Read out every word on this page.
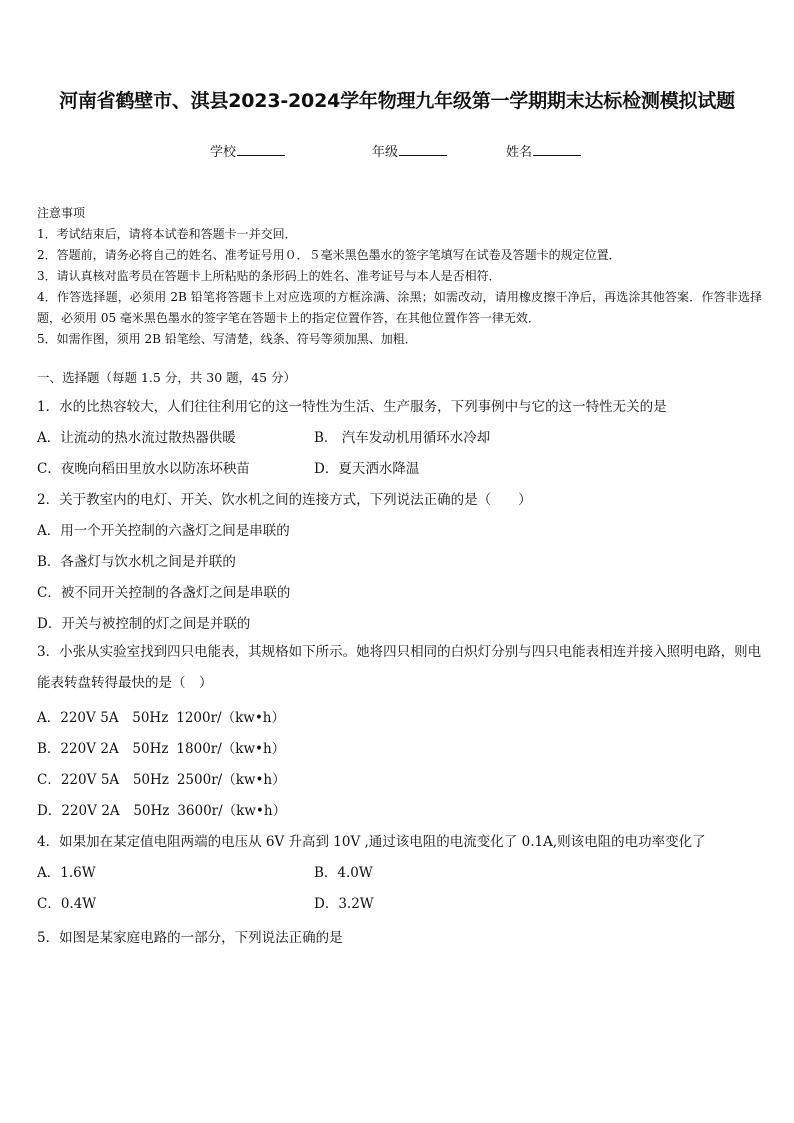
河南省鹤壁市、淇县2023-2024学年物理九年级第一学期期末达标检测模拟试题
学校	年级	姓名
注意事项
1．考试结束后，请将本试卷和答题卡一并交回．
2．答题前，请务必将自己的姓名、准考证号用０．５毫米黑色墨水的签字笔填写在试卷及答题卡的规定位置．
3．请认真核对监考员在答题卡上所粘贴的条形码上的姓名、准考证号与本人是否相符．
4．作答选择题，必须用 2B 铅笔将答题卡上对应选项的方框涂满、涂黑；如需改动，请用橡皮擦干净后，再选涂其他答案．作答非选择题，必须用 05 毫米黑色墨水的签字笔在答题卡上的指定位置作答，在其他位置作答一律无效．
5．如需作图，须用 2B 铅笔绘、写清楚，线条、符号等须加黑、加粗．
一、选择题（每题 1.5 分，共 30 题，45 分）
1．水的比热容较大，人们往往利用它的这一特性为生活、生产服务，下列事例中与它的这一特性无关的是
A．让流动的热水流过散热器供暖	B． 汽车发动机用循环水冷却
C．夜晚向稻田里放水以防冻坏秧苗	D．夏天洒水降温
2．关于教室内的电灯、开关、饮水机之间的连接方式，下列说法正确的是（　　）
A．用一个开关控制的六盏灯之间是串联的
B．各盏灯与饮水机之间是并联的
C．被不同开关控制的各盏灯之间是串联的
D．开关与被控制的灯之间是并联的
3．小张从实验室找到四只电能表，其规格如下所示。她将四只相同的白炽灯分别与四只电能表相连并接入照明电路，则电能表转盘转得最快的是（　）
A．220V 5A 50Hz 1200r/（kw•h）
B．220V 2A 50Hz 1800r/（kw•h）
C．220V 5A 50Hz 2500r/（kw•h）
D．220V 2A 50Hz 3600r/（kw•h）
4．如果加在某定值电阻两端的电压从 6V 升高到 10V ,通过该电阻的电流变化了 0.1A,则该电阻的电功率变化了
A．1.6W	B．4.0W
C．0.4W	D．3.2W
5．如图是某家庭电路的一部分，下列说法正确的是
